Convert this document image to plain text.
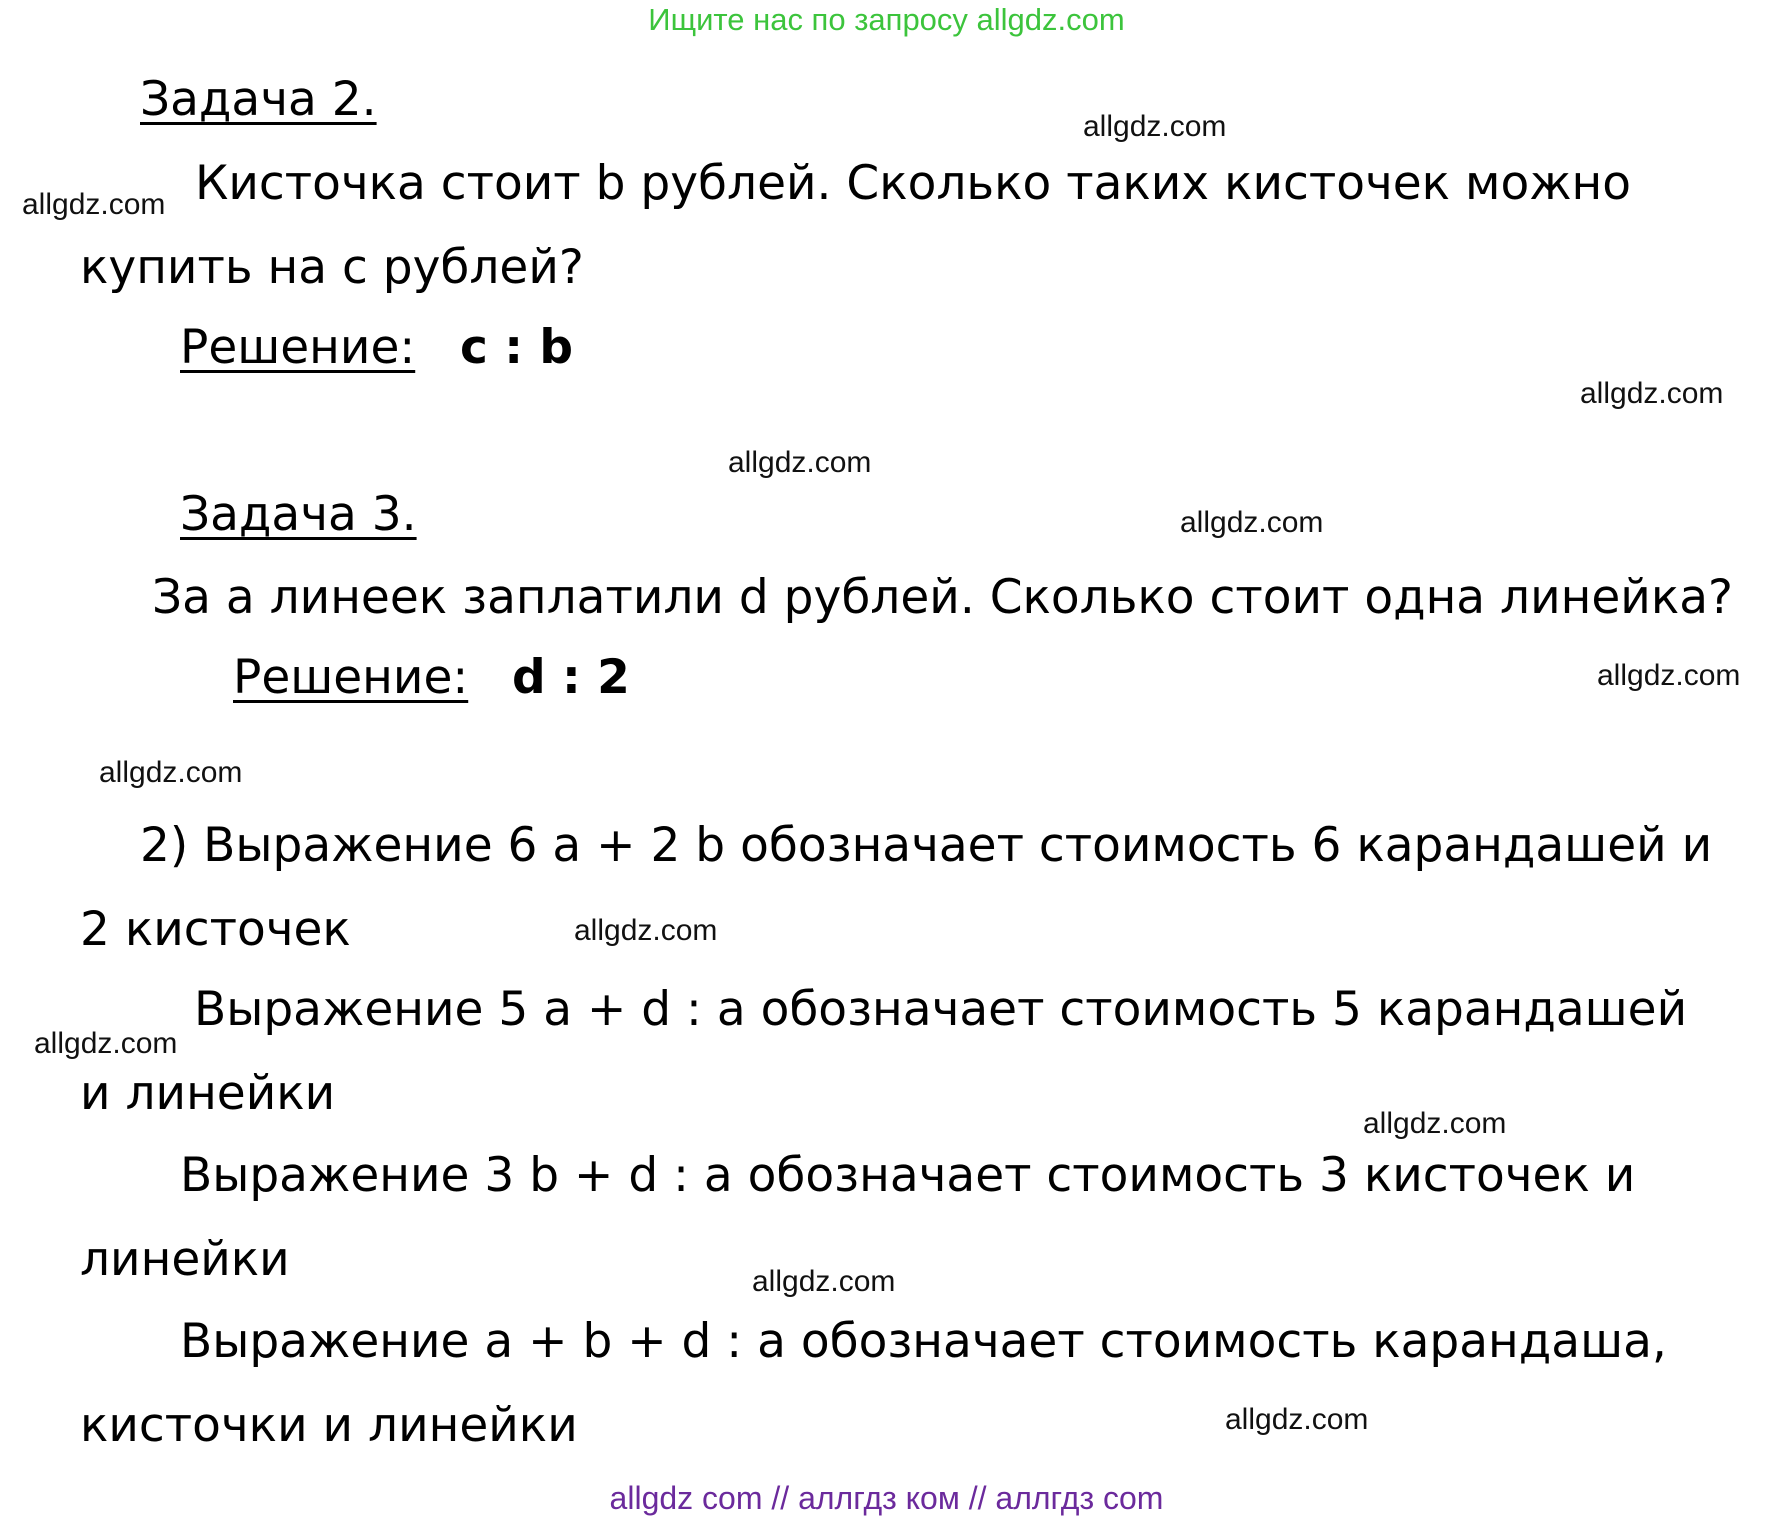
Ищите нас по запросу allgdz.com
Задача 2.
Кисточка стоит b рублей. Сколько таких кисточек можно
купить на с рублей?
Решение: c : b
Задача 3.
За а линеек заплатили d рублей. Сколько стоит одна линейка?
Решение: d : 2
2) Выражение 6 а + 2 b обозначает стоимость 6 карандашей и
2 кисточек
Выражение 5 а + d : а обозначает стоимость 5 карандашей
и линейки
Выражение 3 b + d : а обозначает стоимость 3 кисточек и
линейки
Выражение а + b + d : а обозначает стоимость карандаша,
кисточки и линейки
allgdz.com
allgdz.com
allgdz.com
allgdz.com
allgdz.com
allgdz.com
allgdz.com
allgdz.com
allgdz.com
allgdz.com
allgdz.com
allgdz.com
allgdz com // аллгдз ком // аллгдз com
